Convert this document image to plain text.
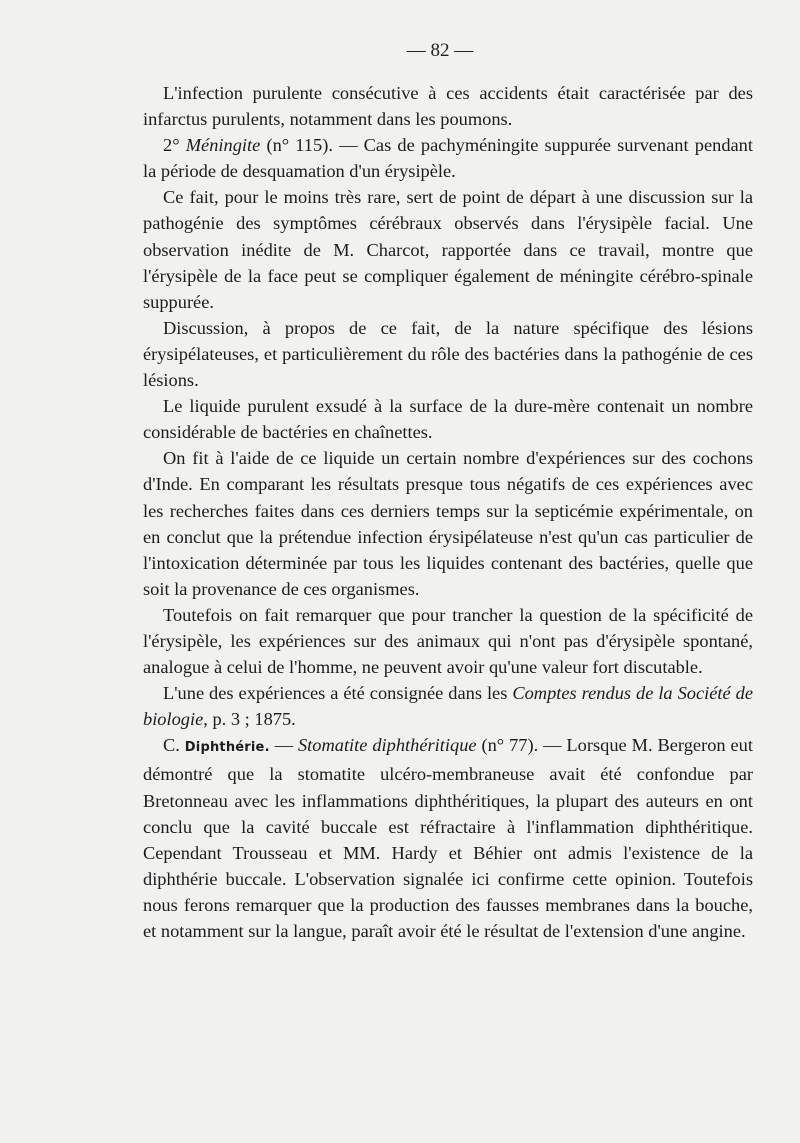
— 82 —

L'infection purulente consécutive à ces accidents était caractérisée par des infarctus purulents, notamment dans les poumons.

2° Méningite (n° 115). — Cas de pachyméningite suppurée survenant pendant la période de desquamation d'un érysipèle.

Ce fait, pour le moins très rare, sert de point de départ à une discussion sur la pathogénie des symptômes cérébraux observés dans l'érysipèle facial. Une observation inédite de M. Charcot, rapportée dans ce travail, montre que l'érysipèle de la face peut se compliquer également de méningite cérébro-spinale suppurée.

Discussion, à propos de ce fait, de la nature spécifique des lésions érysipélateuses, et particulièrement du rôle des bactéries dans la pathogénie de ces lésions.

Le liquide purulent exsudé à la surface de la dure-mère contenait un nombre considérable de bactéries en chaînettes.

On fit à l'aide de ce liquide un certain nombre d'expériences sur des cochons d'Inde. En comparant les résultats presque tous négatifs de ces expériences avec les recherches faites dans ces derniers temps sur la septicémie expérimentale, on en conclut que la prétendue infection érysipélateuse n'est qu'un cas particulier de l'intoxication déterminée par tous les liquides contenant des bactéries, quelle que soit la provenance de ces organismes.

Toutefois on fait remarquer que pour trancher la question de la spécificité de l'érysipèle, les expériences sur des animaux qui n'ont pas d'érysipèle spontané, analogue à celui de l'homme, ne peuvent avoir qu'une valeur fort discutable.

L'une des expériences a été consignée dans les Comptes rendus de la Société de biologie, p. 3 ; 1875.

C. Diphthérie. — Stomatite diphthéritique (n° 77). — Lorsque M. Bergeron eut démontré que la stomatite ulcéro-membraneuse avait été confondue par Bretonneau avec les inflammations diphthéritiques, la plupart des auteurs en ont conclu que la cavité buccale est réfractaire à l'inflammation diphthéritique. Cependant Trousseau et MM. Hardy et Béhier ont admis l'existence de la diphthérie buccale. L'observation signalée ici confirme cette opinion. Toutefois nous ferons remarquer que la production des fausses membranes dans la bouche, et notamment sur la langue, paraît avoir été le résultat de l'extension d'une angine.
